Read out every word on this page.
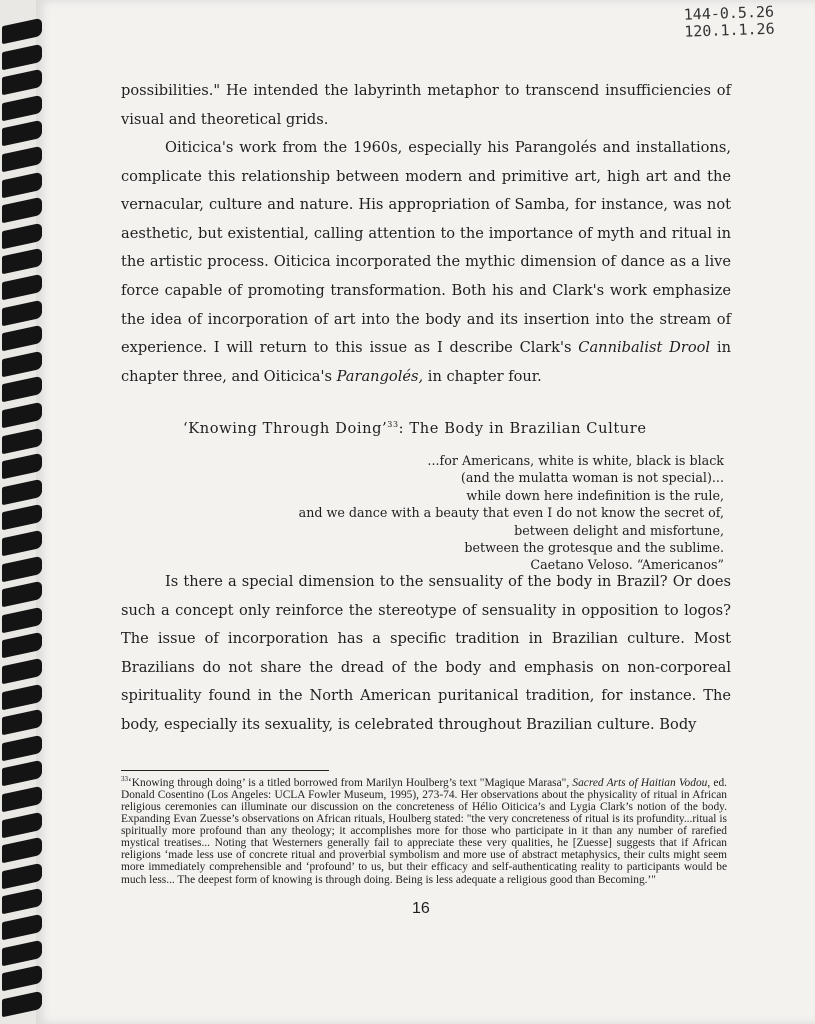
144-0.5.26
120.1.1.26

possibilities." He intended the labyrinth metaphor to transcend insufficiencies of visual and theoretical grids.

Oiticica's work from the 1960s, especially his Parangolés and installations, complicate this relationship between modern and primitive art, high art and the vernacular, culture and nature. His appropriation of Samba, for instance, was not aesthetic, but existential, calling attention to the importance of myth and ritual in the artistic process. Oiticica incorporated the mythic dimension of dance as a live force capable of promoting transformation. Both his and Clark's work emphasize the idea of incorporation of art into the body and its insertion into the stream of experience. I will return to this issue as I describe Clark's Cannibalist Drool in chapter three, and Oiticica's Parangolés, in chapter four.

‘Knowing Through Doing’$^{33}$: The Body in Brazilian Culture
...for Americans, white is white, black is black
(and the mulatta woman is not special)...
while down here indefinition is the rule,
and we dance with a beauty that even I do not know the secret of,
between delight and misfortune,
between the grotesque and the sublime.
Caetano Veloso. “Americanos”

Is there a special dimension to the sensuality of the body in Brazil? Or does such a concept only reinforce the stereotype of sensuality in opposition to logos? The issue of incorporation has a specific tradition in Brazilian culture. Most Brazilians do not share the dread of the body and emphasis on non-corporeal spirituality found in the North American puritanical tradition, for instance. The body, especially its sexuality, is celebrated throughout Brazilian culture. Body

$^{33}$‘Knowing through doing’ is a titled borrowed from Marilyn Houlberg’s text "Magique Marasa", Sacred Arts of Haitian Vodou, ed. Donald Cosentino (Los Angeles: UCLA Fowler Museum, 1995), 273-74. Her observations about the physicality of ritual in African religious ceremonies can illuminate our discussion on the concreteness of Hélio Oiticica’s and Lygia Clark’s notion of the body. Expanding Evan Zuesse’s observations on African rituals, Houlberg stated: "the very concreteness of ritual is its profundity...ritual is spiritually more profound than any theology; it accomplishes more for those who participate in it than any number of rarefied mystical treatises... Noting that Westerners generally fail to appreciate these very qualities, he [Zuesse] suggests that if African religions ‘made less use of concrete ritual and proverbial symbolism and more use of abstract metaphysics, their cults might seem more immediately comprehensible and ‘profound’ to us, but their efficacy and self-authenticating reality to participants would be much less... The deepest form of knowing is through doing. Being is less adequate a religious good than Becoming.’"
16
